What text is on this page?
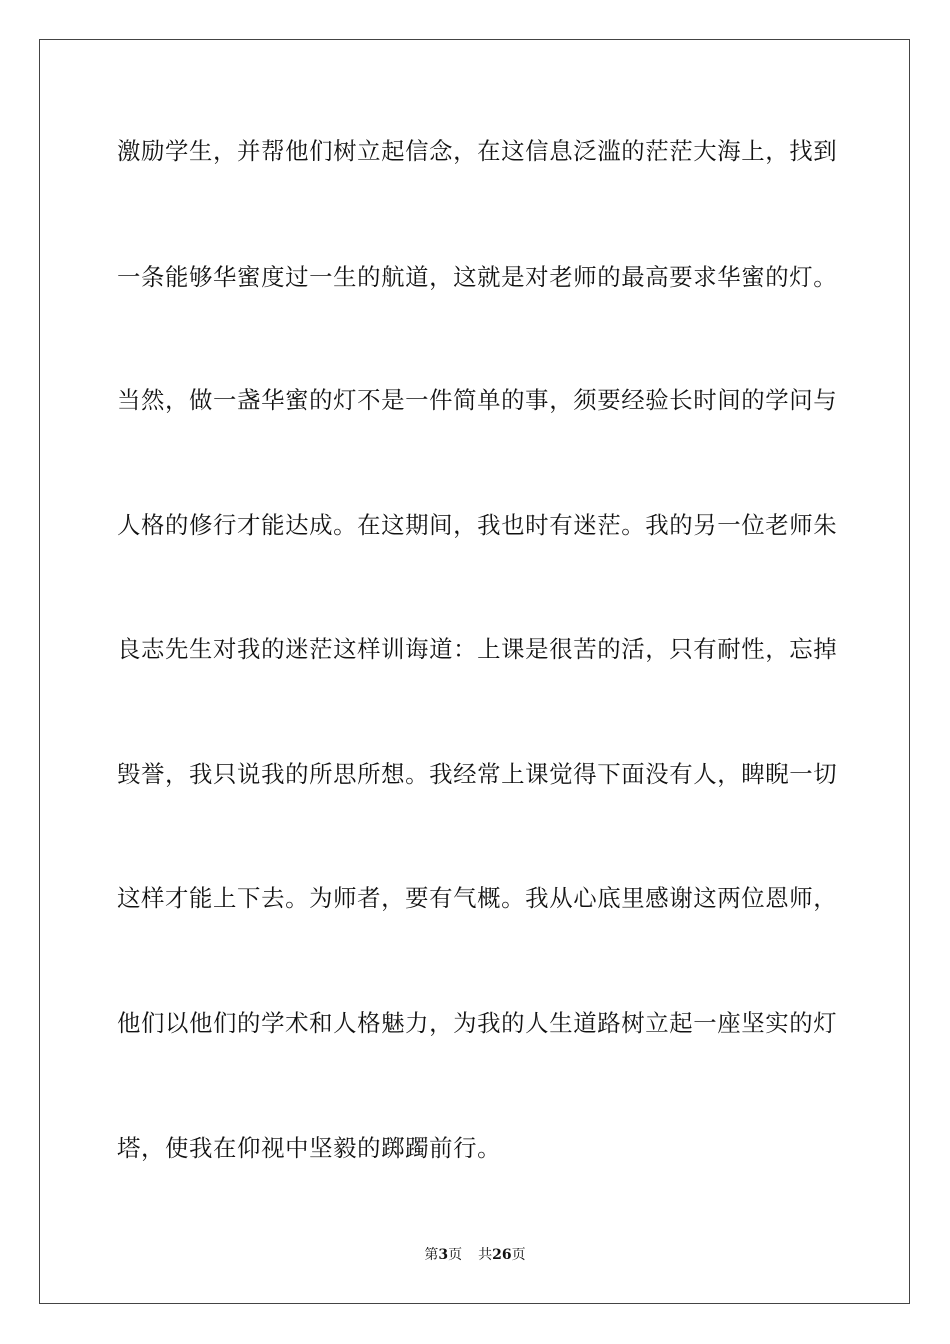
激励学生，并帮他们树立起信念，在这信息泛滥的茫茫大海上，找到
一条能够华蜜度过一生的航道，这就是对老师的最高要求华蜜的灯。
当然，做一盏华蜜的灯不是一件简单的事，须要经验长时间的学问与
人格的修行才能达成。在这期间，我也时有迷茫。我的另一位老师朱
良志先生对我的迷茫这样训诲道：上课是很苦的活，只有耐性，忘掉
毁誉，我只说我的所思所想。我经常上课觉得下面没有人，睥睨一切
这样才能上下去。为师者，要有气概。我从心底里感谢这两位恩师，
他们以他们的学术和人格魅力，为我的人生道路树立起一座坚实的灯
塔，使我在仰视中坚毅的踯躅前行。
第3页 共26页
